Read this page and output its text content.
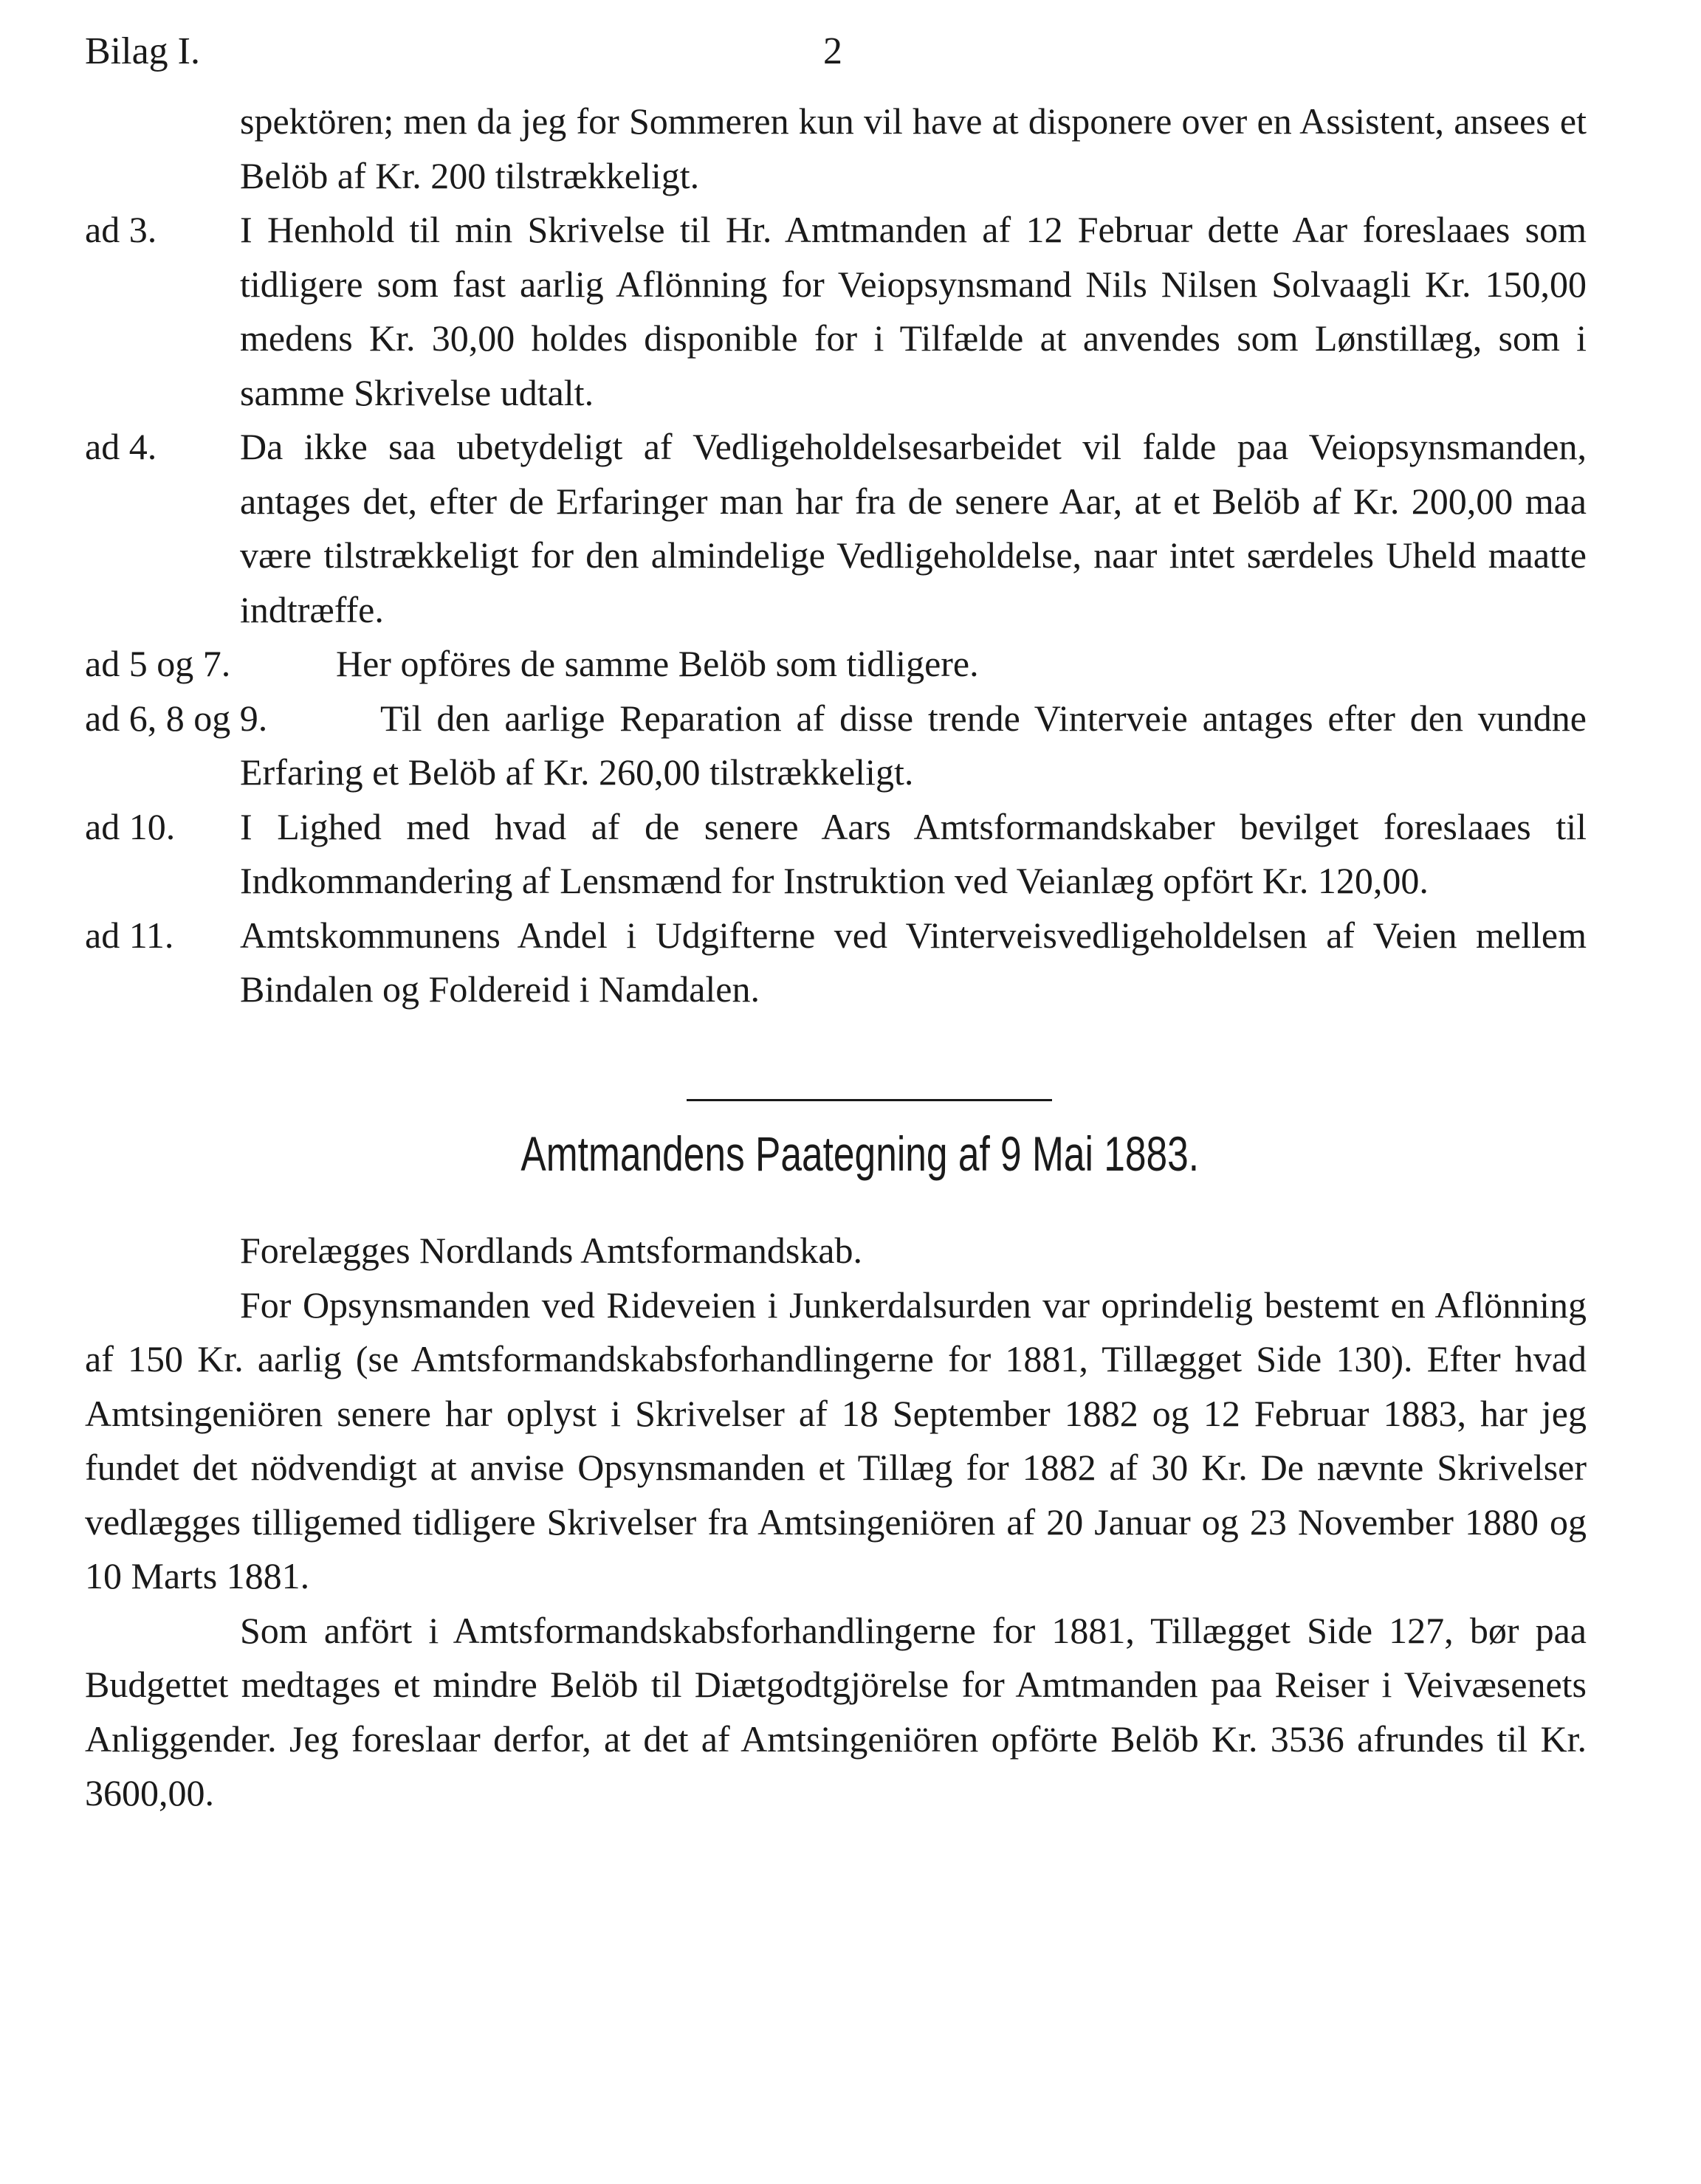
Bilag I.	2
spektören; men da jeg for Sommeren kun vil have at disponere over en Assistent, ansees et Belöb af Kr. 200 tilstrækkeligt.
ad 3. I Henhold til min Skrivelse til Hr. Amtmanden af 12 Februar dette Aar foreslaaes som tidligere som fast aarlig Aflönning for Veiopsynsmand Nils Nilsen Solvaagli Kr. 150,00 medens Kr. 30,00 holdes disponible for i Tilfælde at anvendes som Lønstillæg, som i samme Skrivelse udtalt.
ad 4. Da ikke saa ubetydeligt af Vedligeholdelsesarbeidet vil falde paa Veiopsynsmanden, antages det, efter de Erfaringer man har fra de senere Aar, at et Belöb af Kr. 200,00 maa være tilstrækkeligt for den almindelige Vedligeholdelse, naar intet særdeles Uheld maatte indtræffe.
ad 5 og 7.	Her opföres de samme Belöb som tidligere.
ad 6, 8 og 9.	Til den aarlige Reparation af disse trende Vinterveie antages efter den vundne Erfaring et Belöb af Kr. 260,00 tilstrækkeligt.
ad 10. I Lighed med hvad af de senere Aars Amtsformandskaber bevilget foreslaaes til Indkommandering af Lensmænd for Instruktion ved Veianlæg opfört Kr. 120,00.
ad 11. Amtskommunens Andel i Udgifterne ved Vinterveisvedligeholdelsen af Veien mellem Bindalen og Foldereid i Namdalen.
Amtmandens Paategning af 9 Mai 1883.

Forelægges Nordlands Amtsformandskab.

For Opsynsmanden ved Rideveien i Junkerdalsurden var oprindelig bestemt en Aflönning af 150 Kr. aarlig (se Amtsformandskabsforhandlingerne for 1881, Tillægget Side 130). Efter hvad Amtsingeniören senere har oplyst i Skrivelser af 18 September 1882 og 12 Februar 1883, har jeg fundet det nödvendigt at anvise Opsynsmanden et Tillæg for 1882 af 30 Kr. De nævnte Skrivelser vedlægges tilligemed tidligere Skrivelser fra Amtsingeniören af 20 Januar og 23 November 1880 og 10 Marts 1881.

Som anfört i Amtsformandskabsforhandlingerne for 1881, Tillægget Side 127, bør paa Budgettet medtages et mindre Belöb til Diætgodtgjörelse for Amtmanden paa Reiser i Veivæsenets Anliggender. Jeg foreslaar derfor, at det af Amtsingeniören opförte Belöb Kr. 3536 afrundes til Kr. 3600,00.
